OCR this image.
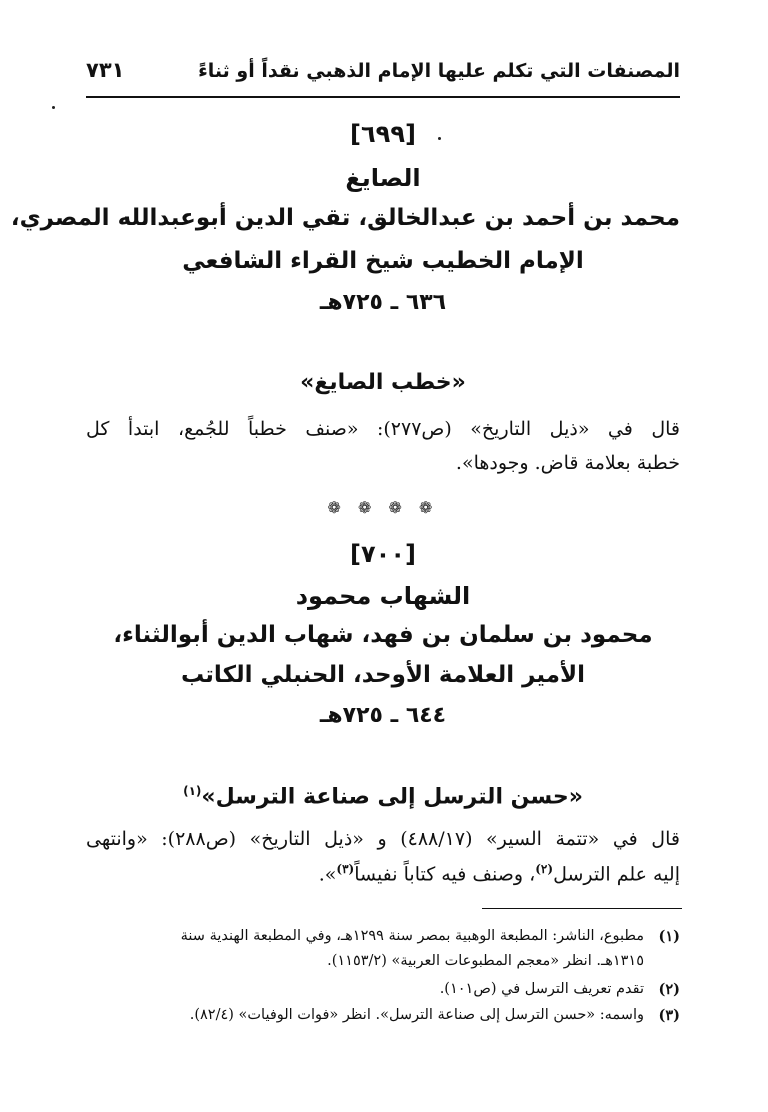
المصنفات التي تكلم عليها الإمام الذهبي نقداً أو ثناءً
٧٣١
[٦٩٩]
الصايغ
محمد بن أحمد بن عبدالخالق، تقي الدين أبوعبدالله المصري،
الإمام الخطيب شيخ القراء الشافعي
٦٣٦ ـ ٧٢٥هـ
«خطب الصايغ»
قال في «ذيل التاريخ» (ص٢٧٧): «صنف خطباً للجُمع، ابتدأ كل
خطبة بعلامة قاض. وجودها».
❁ ❁ ❁ ❁
[٧٠٠]
الشهاب محمود
محمود بن سلمان بن فهد، شهاب الدين أبوالثناء،
الأمير العلامة الأوحد، الحنبلي الكاتب
٦٤٤ ـ ٧٢٥هـ
«حسن الترسل إلى صناعة الترسل»$^{(١)}$
قال في «تتمة السير» (٤٨٨/١٧) و «ذيل التاريخ» (ص٢٨٨): «وانتهى
إليه علم الترسل$^{(٢)}$، وصنف فيه كتاباً نفيساً$^{(٣)}$».
(١)
مطبوع، الناشر: المطبعة الوهبية بمصر سنة ١٢٩٩هـ، وفي المطبعة الهندية سنة
١٣١٥هـ. انظر «معجم المطبوعات العربية» (١١٥٣/٢).
(٢)
تقدم تعريف الترسل في (ص١٠١).
(٣)
واسمه: «حسن الترسل إلى صناعة الترسل». انظر «فوات الوفيات» (٨٢/٤).
